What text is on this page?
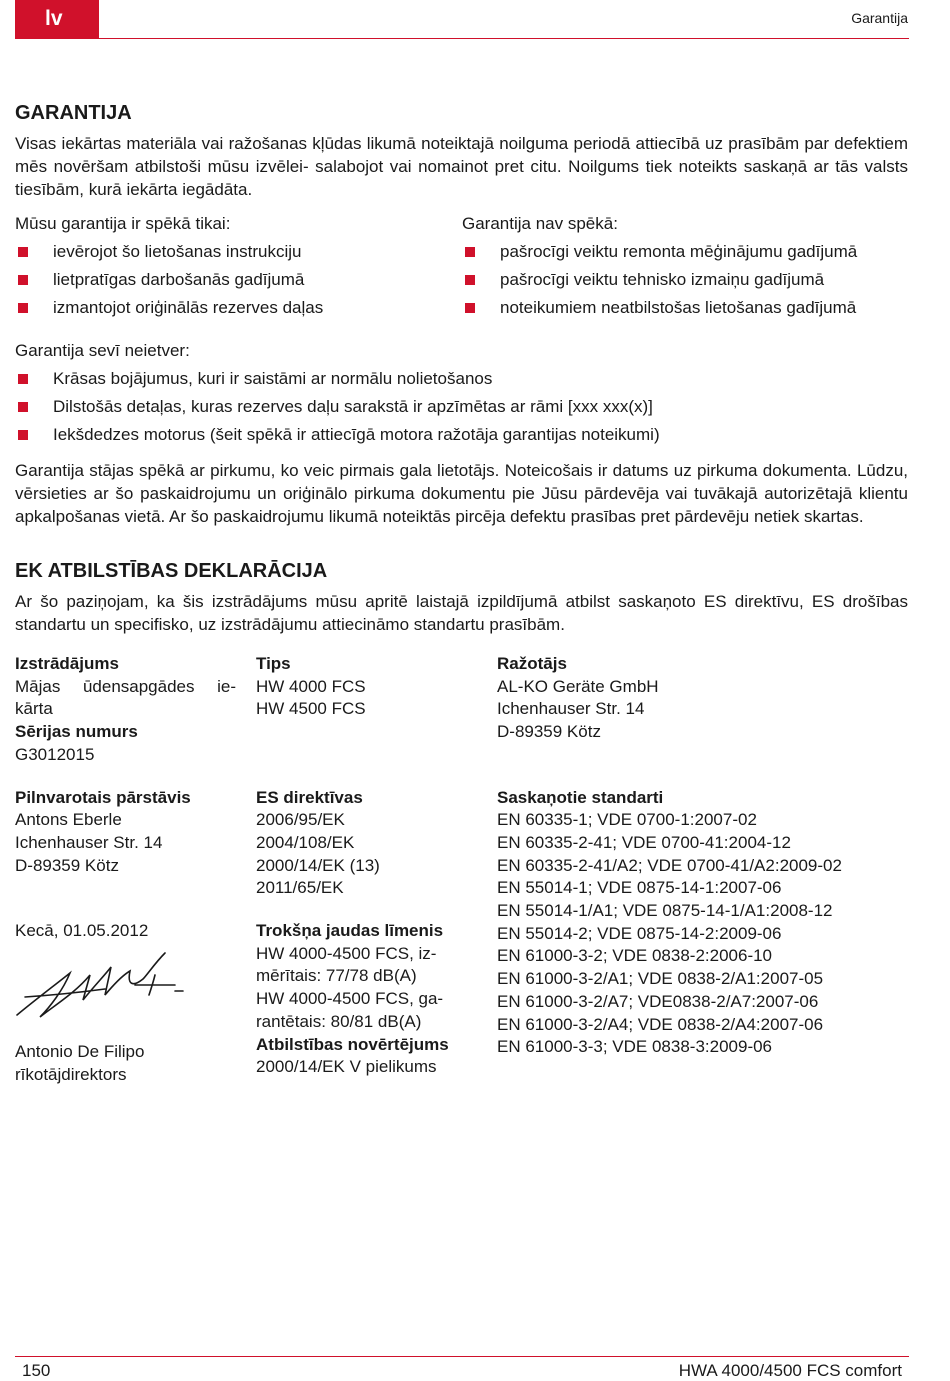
lv	Garantija
GARANTIJA

Visas iekārtas materiāla vai ražošanas kļūdas likumā noteiktajā noilguma periodā attiecībā uz prasībām par defektiem mēs novēršam atbilstoši mūsu izvēlei- salabojot vai nomainot pret citu. Noilgums tiek noteikts saskaņā ar tās valsts tiesībām, kurā iekārta iegādāta.

Mūsu garantija ir spēkā tikai:
ievērojot šo lietošanas instrukciju
lietpratīgas darbošanās gadījumā
izmantojot oriģinālās rezerves daļas
Garantija nav spēkā:
pašrocīgi veiktu remonta mēģinājumu gadījumā
pašrocīgi veiktu tehnisko izmaiņu gadījumā
noteikumiem neatbilstošas lietošanas gadījumā
Garantija sevī neietver:
Krāsas bojājumus, kuri ir saistāmi ar normālu nolietošanos
Dilstošās detaļas, kuras rezerves daļu sarakstā ir apzīmētas ar rāmi [xxx xxx(x)]
Iekšdedzes motorus (šeit spēkā ir attiecīgā motora ražotāja garantijas noteikumi)

Garantija stājas spēkā ar pirkumu, ko veic pirmais gala lietotājs. Noteicošais ir datums uz pirkuma dokumenta. Lūdzu, vērsieties ar šo paskaidrojumu un oriģinālo pirkuma dokumentu pie Jūsu pārdevēja vai tuvākajā autorizētajā klientu apkalpošanas vietā. Ar šo paskaidrojumu likumā noteiktās pircēja defektu prasības pret pārdevēju netiek skartas.

EK ATBILSTĪBAS DEKLARĀCIJA

Ar šo paziņojam, ka šis izstrādājums mūsu apritē laistajā izpildījumā atbilst saskaņoto ES direktīvu, ES drošības standartu un specifisko, uz izstrādājumu attiecināmo standartu prasībām.

Izstrādājums
Mājas ūdensapgādes ie-
kārta
Sērijas numurs
G3012015
Tips
HW 4000 FCS
HW 4500 FCS
Ražotājs
AL-KO Geräte GmbH
Ichenhauser Str. 14
D-89359 Kötz
Pilnvarotais pārstāvis
Antons Eberle
Ichenhauser Str. 14
D-89359 Kötz
Kecā, 01.05.2012
Antonio De Filipo
rīkotājdirektors
ES direktīvas
2006/95/EK
2004/108/EK
2000/14/EK (13)
2011/65/EK
Trokšņa jaudas līmenis
HW 4000-4500 FCS, iz-
mērītais: 77/78 dB(A)
HW 4000-4500 FCS, ga-
rantētais: 80/81 dB(A)
Atbilstības novērtējums
2000/14/EK V pielikums
Saskaņotie standarti
EN 60335-1; VDE 0700-1:2007-02
EN 60335-2-41; VDE 0700-41:2004-12
EN 60335-2-41/A2; VDE 0700-41/A2:2009-02
EN 55014-1; VDE 0875-14-1:2007-06
EN 55014-1/A1; VDE 0875-14-1/A1:2008-12
EN 55014-2; VDE 0875-14-2:2009-06
EN 61000-3-2; VDE 0838-2:2006-10
EN 61000-3-2/A1; VDE 0838-2/A1:2007-05
EN 61000-3-2/A7; VDE0838-2/A7:2007-06
EN 61000-3-2/A4; VDE 0838-2/A4:2007-06
EN 61000-3-3; VDE 0838-3:2009-06
150	HWA 4000/4500 FCS comfort
